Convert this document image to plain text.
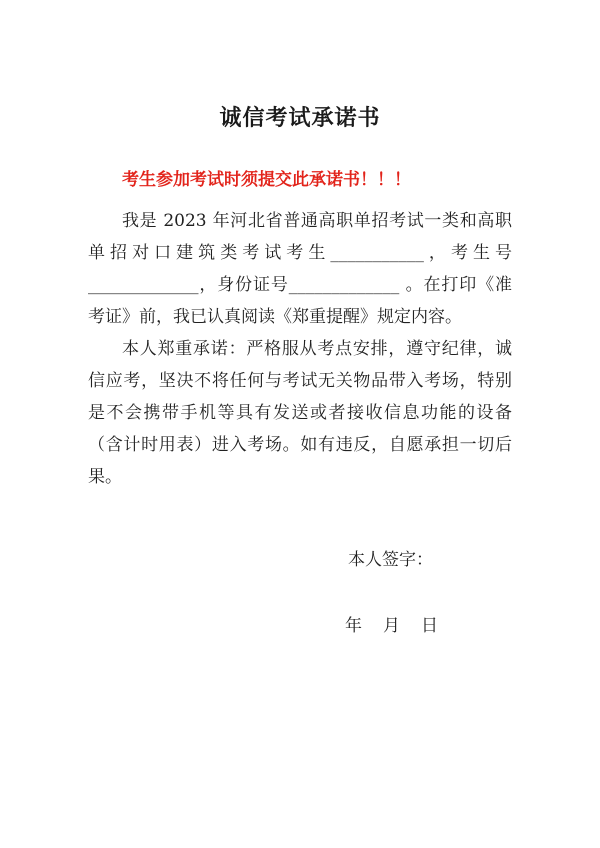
诚信考试承诺书
考生参加考试时须提交此承诺书！！！

我是 2023 年河北省普通高职单招考试一类和高职单招对口建筑类考试考生___________，考生号_____________，身份证号_____________ 。在打印《准考证》前，我已认真阅读《郑重提醒》规定内容。

本人郑重承诺：严格服从考点安排，遵守纪律，诚信应考，坚决不将任何与考试无关物品带入考场，特别是不会携带手机等具有发送或者接收信息功能的设备（含计时用表）进入考场。如有违反，自愿承担一切后果。

本人签字：
年 月 日
